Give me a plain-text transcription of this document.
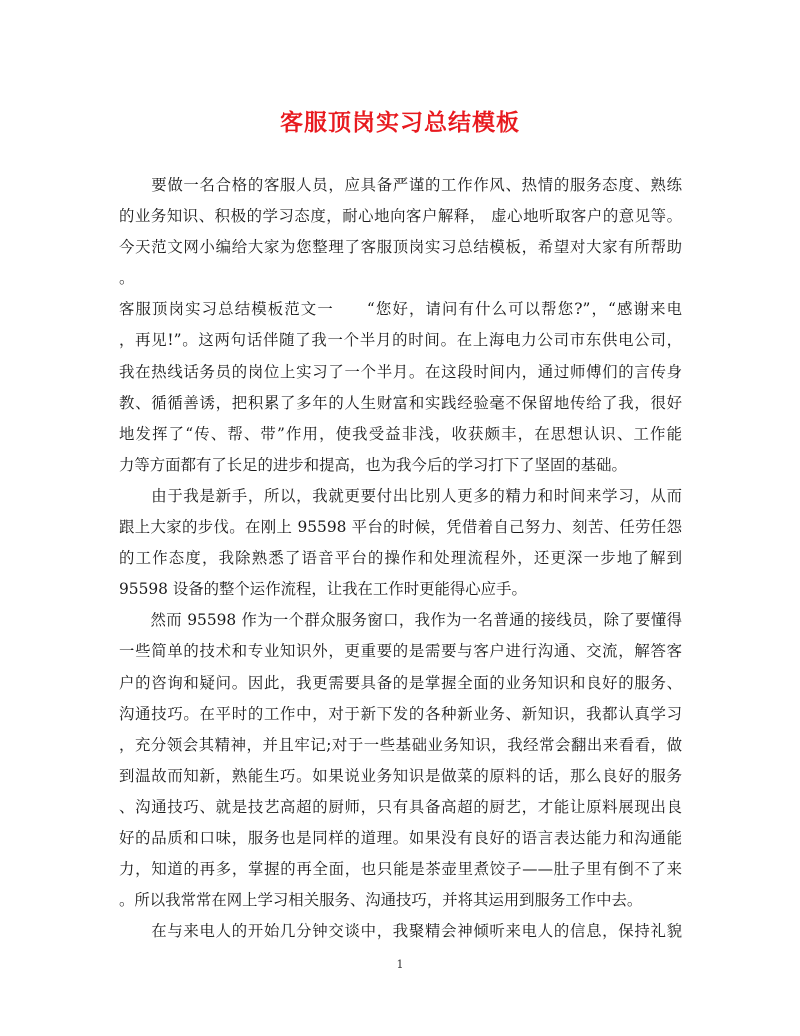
客服顶岗实习总结模板
　　要做一名合格的客服人员，应具备严谨的工作作风、热情的服务态度、熟练
的业务知识、积极的学习态度，耐心地向客户解释， 虚心地听取客户的意见等。
今天范文网小编给大家为您整理了客服顶岗实习总结模板，希望对大家有所帮助
。
客服顶岗实习总结模板范文一　　“您好，请问有什么可以帮您?”，“感谢来电
，再见!”。这两句话伴随了我一个半月的时间。在上海电力公司市东供电公司，
我在热线话务员的岗位上实习了一个半月。在这段时间内，通过师傅们的言传身
教、循循善诱，把积累了多年的人生财富和实践经验毫不保留地传给了我，很好
地发挥了“传、帮、带”作用，使我受益非浅，收获颇丰，在思想认识、工作能
力等方面都有了长足的进步和提高，也为我今后的学习打下了坚固的基础。
　　由于我是新手，所以，我就更要付出比别人更多的精力和时间来学习，从而
跟上大家的步伐。在刚上 95598 平台的时候，凭借着自己努力、刻苦、任劳任怨
的工作态度，我除熟悉了语音平台的操作和处理流程外，还更深一步地了解到
95598 设备的整个运作流程，让我在工作时更能得心应手。
　　然而 95598 作为一个群众服务窗口，我作为一名普通的接线员，除了要懂得
一些简单的技术和专业知识外，更重要的是需要与客户进行沟通、交流，解答客
户的咨询和疑问。因此，我更需要具备的是掌握全面的业务知识和良好的服务、
沟通技巧。在平时的工作中，对于新下发的各种新业务、新知识，我都认真学习
，充分领会其精神，并且牢记;对于一些基础业务知识，我经常会翻出来看看，做
到温故而知新，熟能生巧。如果说业务知识是做菜的原料的话，那么良好的服务
、沟通技巧、就是技艺高超的厨师，只有具备高超的厨艺，才能让原料展现出良
好的品质和口味，服务也是同样的道理。如果没有良好的语言表达能力和沟通能
力，知道的再多，掌握的再全面，也只能是茶壶里煮饺子——肚子里有倒不了来
。所以我常常在网上学习相关服务、沟通技巧，并将其运用到服务工作中去。
　　在与来电人的开始几分钟交谈中，我聚精会神倾听来电人的信息，保持礼貌
1
